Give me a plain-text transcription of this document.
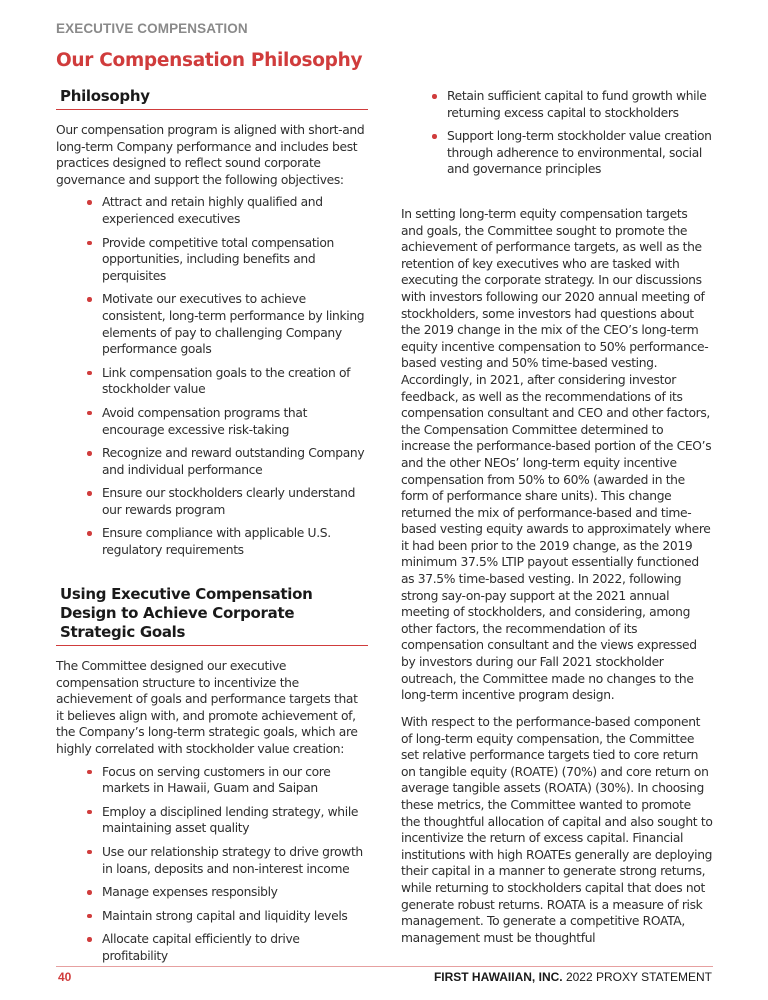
EXECUTIVE COMPENSATION
Our Compensation Philosophy
Philosophy

Our compensation program is aligned with short-and long-term Company performance and includes best practices designed to reflect sound corporate governance and support the following objectives:

Attract and retain highly qualified and experienced executives
Provide competitive total compensation opportunities, including benefits and perquisites
Motivate our executives to achieve consistent, long-term performance by linking elements of pay to challenging Company performance goals
Link compensation goals to the creation of stockholder value
Avoid compensation programs that encourage excessive risk-taking
Recognize and reward outstanding Company and individual performance
Ensure our stockholders clearly understand our rewards program
Ensure compliance with applicable U.S. regulatory requirements
Using Executive Compensation Design to Achieve Corporate Strategic Goals

The Committee designed our executive compensation structure to incentivize the achievement of goals and performance targets that it believes align with, and promote achievement of, the Company’s long-term strategic goals, which are highly correlated with stockholder value creation:

Focus on serving customers in our core markets in Hawaii, Guam and Saipan
Employ a disciplined lending strategy, while maintaining asset quality
Use our relationship strategy to drive growth in loans, deposits and non-interest income
Manage expenses responsibly
Maintain strong capital and liquidity levels
Allocate capital efficiently to drive profitability
Retain sufficient capital to fund growth while returning excess capital to stockholders
Support long-term stockholder value creation through adherence to environmental, social and governance principles

In setting long-term equity compensation targets and goals, the Committee sought to promote the achievement of performance targets, as well as the retention of key executives who are tasked with executing the corporate strategy. In our discussions with investors following our 2020 annual meeting of stockholders, some investors had questions about the 2019 change in the mix of the CEO’s long-term equity incentive compensation to 50% performance-based vesting and 50% time-based vesting. Accordingly, in 2021, after considering investor feedback, as well as the recommendations of its compensation consultant and CEO and other factors, the Compensation Committee determined to increase the performance-based portion of the CEO’s and the other NEOs’ long-term equity incentive compensation from 50% to 60% (awarded in the form of performance share units). This change returned the mix of performance-based and time-based vesting equity awards to approximately where it had been prior to the 2019 change, as the 2019 minimum 37.5% LTIP payout essentially functioned as 37.5% time-based vesting. In 2022, following strong say-on-pay support at the 2021 annual meeting of stockholders, and considering, among other factors, the recommendation of its compensation consultant and the views expressed by investors during our Fall 2021 stockholder outreach, the Committee made no changes to the long-term incentive program design.

With respect to the performance-based component of long-term equity compensation, the Committee set relative performance targets tied to core return on tangible equity (ROATE) (70%) and core return on average tangible assets (ROATA) (30%). In choosing these metrics, the Committee wanted to promote the thoughtful allocation of capital and also sought to incentivize the return of excess capital. Financial institutions with high ROATEs generally are deploying their capital in a manner to generate strong returns, while returning to stockholders capital that does not generate robust returns. ROATA is a measure of risk management. To generate a competitive ROATA, management must be thoughtful

40	FIRST HAWAIIAN, INC. 2022 PROXY STATEMENT
